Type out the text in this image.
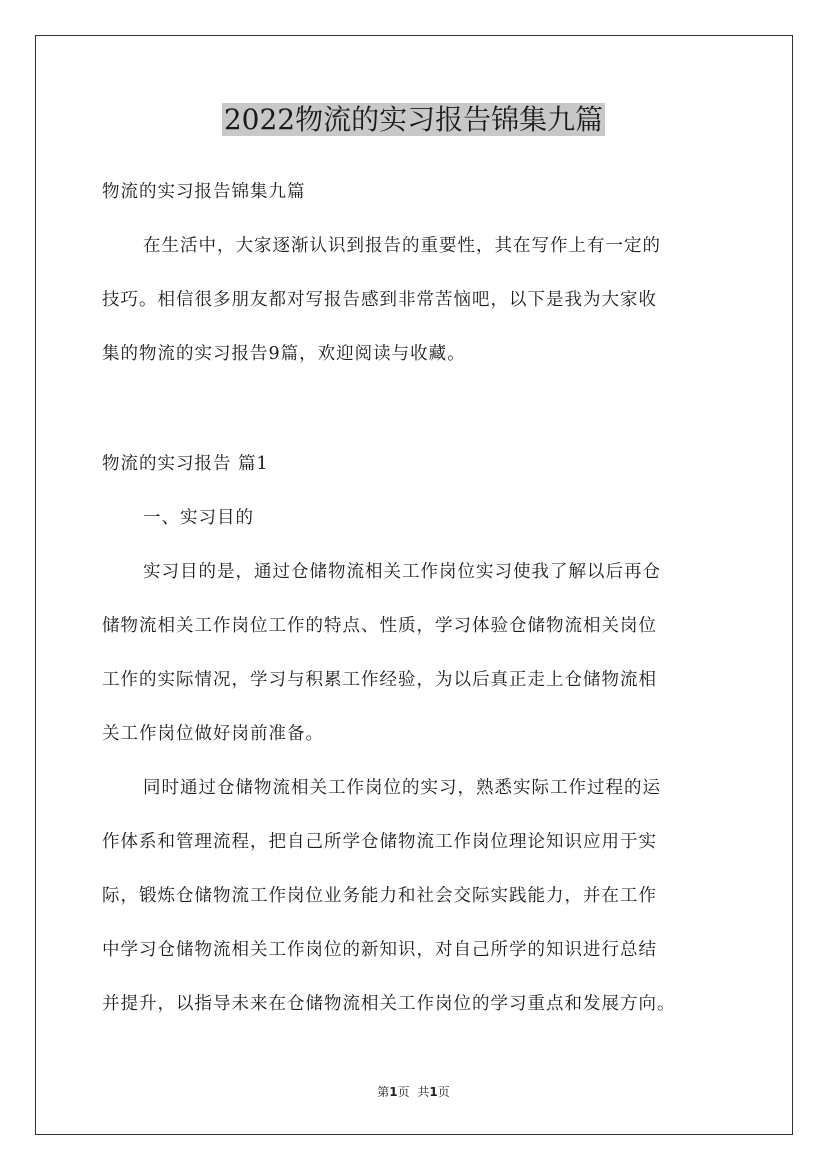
2022物流的实习报告锦集九篇
物流的实习报告锦集九篇
在生活中，大家逐渐认识到报告的重要性，其在写作上有一定的
技巧。相信很多朋友都对写报告感到非常苦恼吧，以下是我为大家收
集的物流的实习报告9篇，欢迎阅读与收藏。
物流的实习报告 篇1
一、实习目的
实习目的是，通过仓储物流相关工作岗位实习使我了解以后再仓
储物流相关工作岗位工作的特点、性质，学习体验仓储物流相关岗位
工作的实际情况，学习与积累工作经验，为以后真正走上仓储物流相
关工作岗位做好岗前准备。
同时通过仓储物流相关工作岗位的实习，熟悉实际工作过程的运
作体系和管理流程，把自己所学仓储物流工作岗位理论知识应用于实
际，锻炼仓储物流工作岗位业务能力和社会交际实践能力，并在工作
中学习仓储物流相关工作岗位的新知识，对自己所学的知识进行总结
并提升，以指导未来在仓储物流相关工作岗位的学习重点和发展方向。
第1页 共1页
